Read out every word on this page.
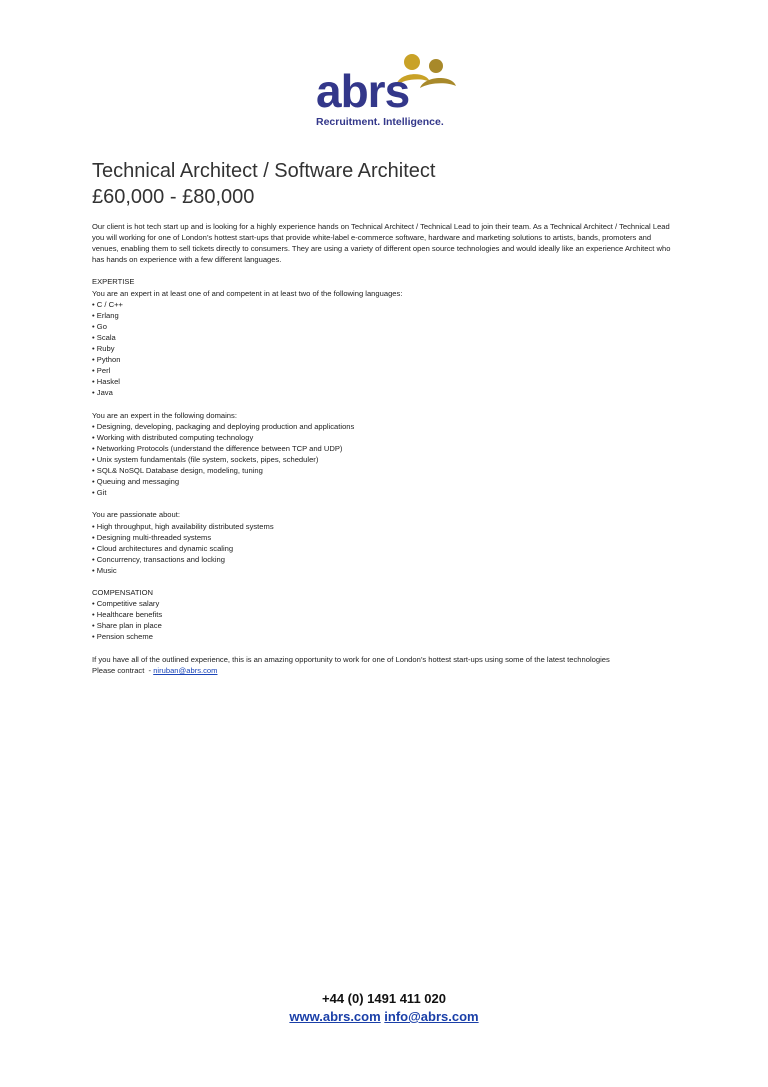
abrs
Recruitment. Intelligence.
Technical Architect / Software Architect
£60,000 - £80,000

Our client is hot tech start up and is looking for a highly experience hands on Technical Architect / Technical Lead to join their team. As a Technical Architect / Technical Lead you will working for one of London’s hottest start-ups that provide white-label e-commerce software, hardware and marketing solutions to artists, bands, promoters and venues, enabling them to sell tickets directly to consumers. They are using a variety of different open source technologies and would ideally like an experience Architect who has hands on experience with a few different languages.

EXPERTISE
You are an expert in at least one of and competent in at least two of the following languages:
• C / C++
• Erlang
• Go
• Scala
• Ruby
• Python
• Perl
• Haskel
• Java
You are an expert in the following domains:
• Designing, developing, packaging and deploying production and applications
• Working with distributed computing technology
• Networking Protocols (understand the difference between TCP and UDP)
• Unix system fundamentals (file system, sockets, pipes, scheduler)
• SQL& NoSQL Database design, modeling, tuning
• Queuing and messaging
• Git
You are passionate about:
• High throughput, high availability distributed systems
• Designing multi-threaded systems
• Cloud architectures and dynamic scaling
• Concurrency, transactions and locking
• Music
COMPENSATION
• Competitive salary
• Healthcare benefits
• Share plan in place
• Pension scheme
If you have all of the outlined experience, this is an amazing opportunity to work for one of London’s hottest start-ups using some of the latest technologies
Please contract  - niruban@abrs.com
+44 (0) 1491 411 020
www.abrs.com info@abrs.com
